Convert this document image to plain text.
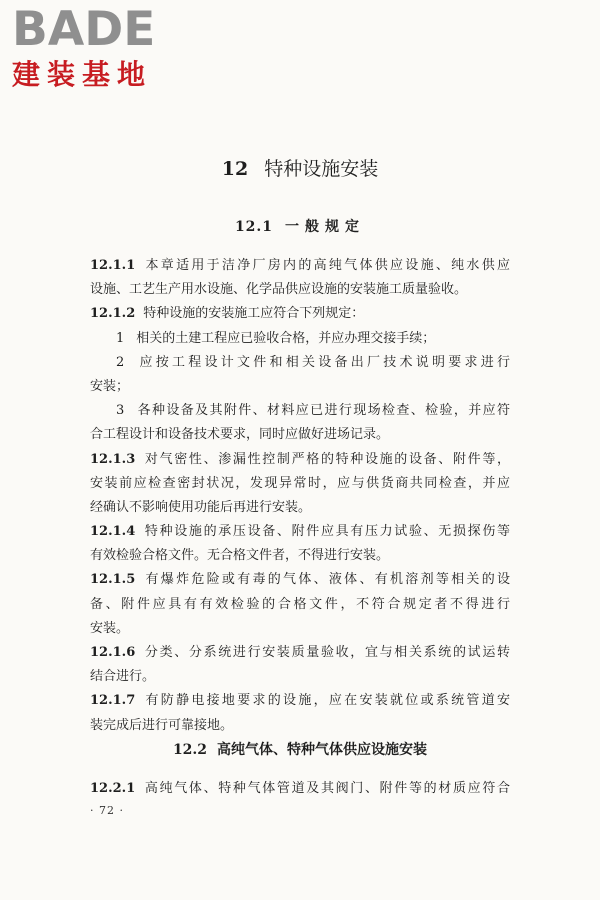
BADE
建装基地
12 特种设施安装
12.1 一般规定
12.1.1 本章适用于洁净厂房内的高纯气体供应设施、纯水供应
设施、工艺生产用水设施、化学品供应设施的安装施工质量验收。
12.1.2 特种设施的安装施工应符合下列规定：
1 相关的土建工程应已验收合格，并应办理交接手续；
2 应按工程设计文件和相关设备出厂技术说明要求进行
安装；
3 各种设备及其附件、材料应已进行现场检查、检验，并应符
合工程设计和设备技术要求，同时应做好进场记录。
12.1.3 对气密性、渗漏性控制严格的特种设施的设备、附件等，
安装前应检查密封状况，发现异常时，应与供货商共同检查，并应
经确认不影响使用功能后再进行安装。
12.1.4 特种设施的承压设备、附件应具有压力试验、无损探伤等
有效检验合格文件。无合格文件者，不得进行安装。
12.1.5 有爆炸危险或有毒的气体、液体、有机溶剂等相关的设
备、附件应具有有效检验的合格文件，不符合规定者不得进行
安装。
12.1.6 分类、分系统进行安装质量验收，宜与相关系统的试运转
结合进行。
12.1.7 有防静电接地要求的设施，应在安装就位或系统管道安
装完成后进行可靠接地。
12.2 高纯气体、特种气体供应设施安装
12.2.1 高纯气体、特种气体管道及其阀门、附件等的材质应符合
· 72 ·
